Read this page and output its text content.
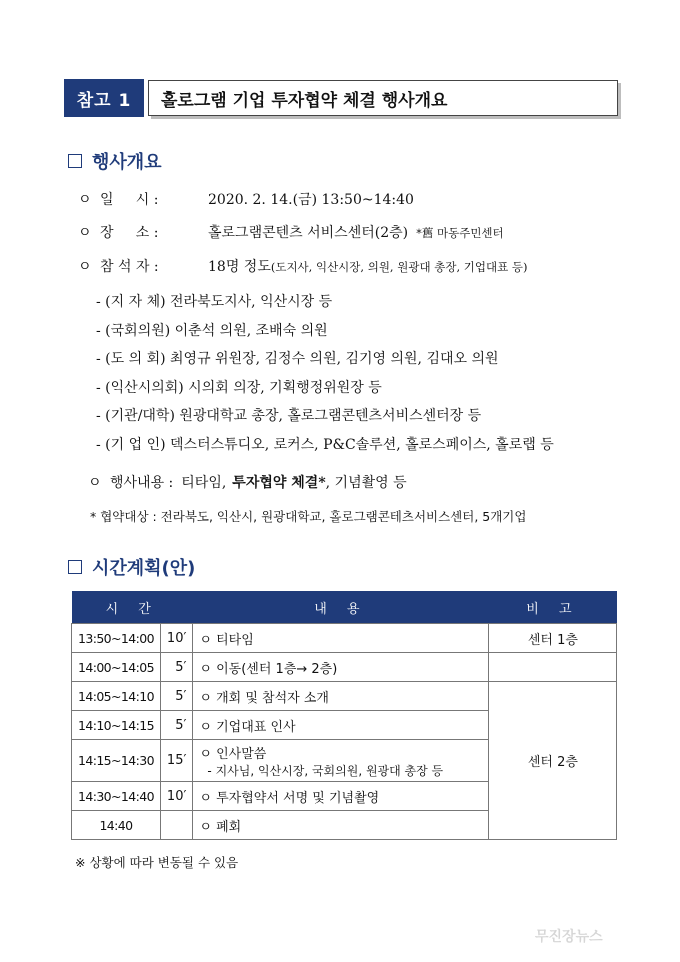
참고 1	홀로그램 기업 투자협약 체결 행사개요
행사개요
ㅇ 일     시 :	2020. 2. 14.(금) 13:50~14:40
ㅇ 장     소 :	홀로그램콘텐츠 서비스센터(2층) *舊 마동주민센터
ㅇ 참 석 자 :	18명 정도 (도지사, 익산시장, 의원, 원광대 총장, 기업대표 등)
- (지 자 체) 전라북도지사, 익산시장 등
- (국회의원) 이춘석 의원, 조배숙 의원
- (도 의 회) 최영규 위원장, 김정수 의원, 김기영 의원, 김대오 의원
- (익산시의회) 시의회 의장, 기획행정위원장 등
- (기관/대학) 원광대학교 총장, 홀로그램콘텐츠서비스센터장 등
- (기 업 인) 덱스터스튜디오, 로커스, P&C솔루션, 홀로스페이스, 홀로랩 등
ㅇ 행사내용 : 티타임, 투자협약 체결* , 기념촬영 등
* 협약대상 : 전라북도, 익산시, 원광대학교, 홀로그램콘테츠서비스센터, 5개기업
시간계획(안)
시 간		내 용	비 고
13:50~14:00	10′	ㅇ 티타임	센터 1층
14:00~14:05	5′	ㅇ 이동(센터 1층→ 2층)	
14:05~14:10	5′	ㅇ 개회 및 참석자 소개	센터 2층
14:10~14:15	5′	ㅇ 기업대표 인사	
14:15~14:30	15′	ㅇ 인사말씀
- 지사님, 익산시장, 국회의원, 원광대 총장 등	

14:30~14:40	10′	ㅇ 투자협약서 서명 및 기념촬영	
14:40		ㅇ 폐회	
※ 상황에 따라 변동될 수 있음
무진장뉴스
